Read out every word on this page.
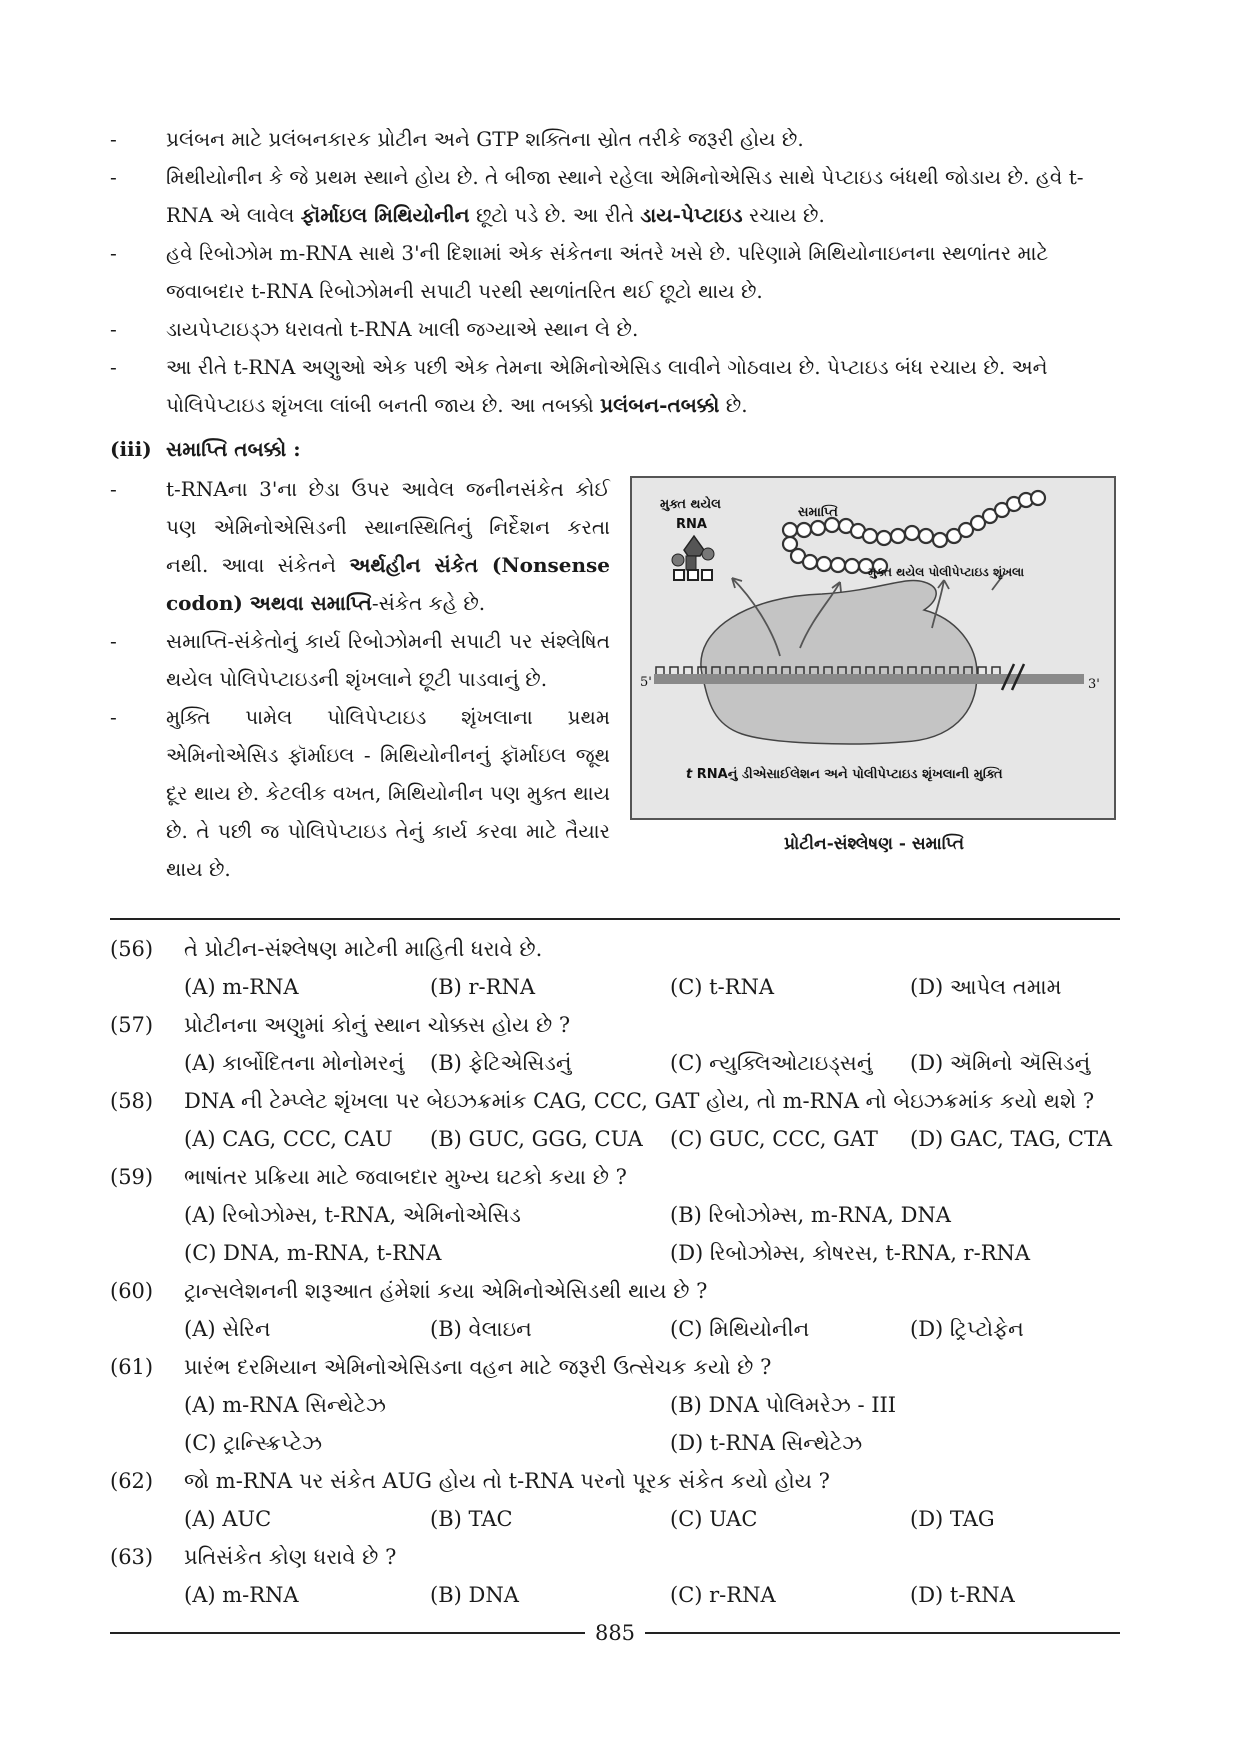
- પ્રલંબન માટે પ્રલંબનકારક પ્રોટીન અને GTP શક્તિના સ્રોત તરીકે જરૂરી હોય છે.

- મિથીયોનીન કે જે પ્રથમ સ્થાને હોય છે. તે બીજા સ્થાને રહેલા એમિનોએસિડ સાથે પેપ્ટાઇડ બંધથી જોડાય છે. હવે t-RNA એ લાવેલ ફૉર્માઇલ મિથિયોનીન છૂટો પડે છે. આ રીતે ડાય-પેપ્ટાઇડ રચાય છે.

- હવે રિબોઝોમ m-RNA સાથે 3'ની દિશામાં એક સંકેતના અંતરે ખસે છે. પરિણામે મિથિયોનાઇનના સ્થળાંતર માટે જવાબદાર t-RNA રિબોઝોમની સપાટી પરથી સ્થળાંતરિત થઈ છૂટો થાય છે.

- ડાયપેપ્ટાઇડ્ઝ ધરાવતો t-RNA ખાલી જગ્યાએ સ્થાન લે છે.

- આ રીતે t-RNA અણુઓ એક પછી એક તેમના એમિનોએસિડ લાવીને ગોઠવાય છે. પેપ્ટાઇડ બંધ રચાય છે. અને પોલિપેપ્ટાઇડ શૃંખલા લાંબી બનતી જાય છે. આ તબક્કો પ્રલંબન-તબક્કો છે.

(iii) સમાપ્તિ તબક્કો :

- t-RNAના 3'ના છેડા ઉપર આવેલ જનીનસંકેત કોઈ પણ એમિનોએસિડની સ્થાનસ્થિતિનું નિર્દેશન કરતા નથી. આવા સંકેતને અર્થહીન સંકેત (Nonsense codon) અથવા સમાપ્તિ-સંકેત કહે છે.

- સમાપ્તિ-સંકેતોનું કાર્ય રિબોઝોમની સપાટી પર સંશ્લેષિત થયેલ પોલિપેપ્ટાઇડની શૃંખલાને છૂટી પાડવાનું છે.

- મુક્તિ પામેલ પોલિપેપ્ટાઇડ શૃંખલાના પ્રથમ એમિનોએસિડ ફૉર્માઇલ - મિથિયોનીનનું ફૉર્માઇલ જૂથ દૂર થાય છે. કેટલીક વખત, મિથિયોનીન પણ મુક્ત થાય છે. તે પછી જ પોલિપેપ્ટાઇડ તેનું કાર્ય કરવા માટે તૈયાર થાય છે.

મુક્ત થયેલ
RNA
સમાપ્તિ
મુક્ત થયેલ પોલીપેપ્ટાઇડ શૃંખલા
5'	3'
t RNAનું ડીએસાઈલેશન અને પોલીપેપ્ટાઇડ શૃંખલાની મુક્તિ
પ્રોટીન-સંશ્લેષણ - સમાપ્તિ
(56) તે પ્રોટીન-સંશ્લેષણ માટેની માહિતી ધરાવે છે.
(A) m-RNA	(B) r-RNA	(C) t-RNA	(D) આપેલ તમામ
(57) પ્રોટીનના અણુમાં કોનું સ્થાન ચોક્કસ હોય છે ?
(A) કાર્બોદિતના મોનોમરનું (B) ફેટિએસિડનું	(C) ન્યુક્લિઓટાઇડ્સનું (D) ઍમિનો ઍસિડનું
(58) DNA ની ટેમ્પ્લેટ શૃંખલા પર બેઇઝક્રમાંક CAG, CCC, GAT હોય, તો m-RNA નો બેઇઝક્રમાંક કયો થશે ?
(A) CAG, CCC, CAU (B) GUC, GGG, CUA (C) GUC, CCC, GAT (D) GAC, TAG, CTA
(59) ભાષાંતર પ્રક્રિયા માટે જવાબદાર મુખ્ય ઘટકો કયા છે ?
(A) રિબોઝોમ્સ, t-RNA, એમિનોએસિડ	(B) રિબોઝોમ્સ, m-RNA, DNA
(C) DNA, m-RNA, t-RNA	(D) રિબોઝોમ્સ, કોષરસ, t-RNA, r-RNA
(60) ટ્રાન્સલેશનની શરૂઆત હંમેશાં કયા એમિનોએસિડથી થાય છે ?
(A) સેરિન	(B) વેલાઇન	(C) મિથિયોનીન	(D) ટ્રિપ્ટોફેન
(61) પ્રારંભ દરમિયાન એમિનોએસિડના વહન માટે જરૂરી ઉત્સેચક કયો છે ?
(A) m-RNA સિન્થેટેઝ	(B) DNA પોલિમરેઝ - III
(C) ટ્રાન્સ્ક્રિપ્ટેઝ	(D) t-RNA સિન્થેટેઝ
(62) જો m-RNA પર સંકેત AUG હોય તો t-RNA પરનો પૂરક સંકેત કયો હોય ?
(A) AUC	(B) TAC	(C) UAC	(D) TAG
(63) પ્રતિસંકેત કોણ ધરાવે છે ?
(A) m-RNA	(B) DNA	(C) r-RNA	(D) t-RNA
885
